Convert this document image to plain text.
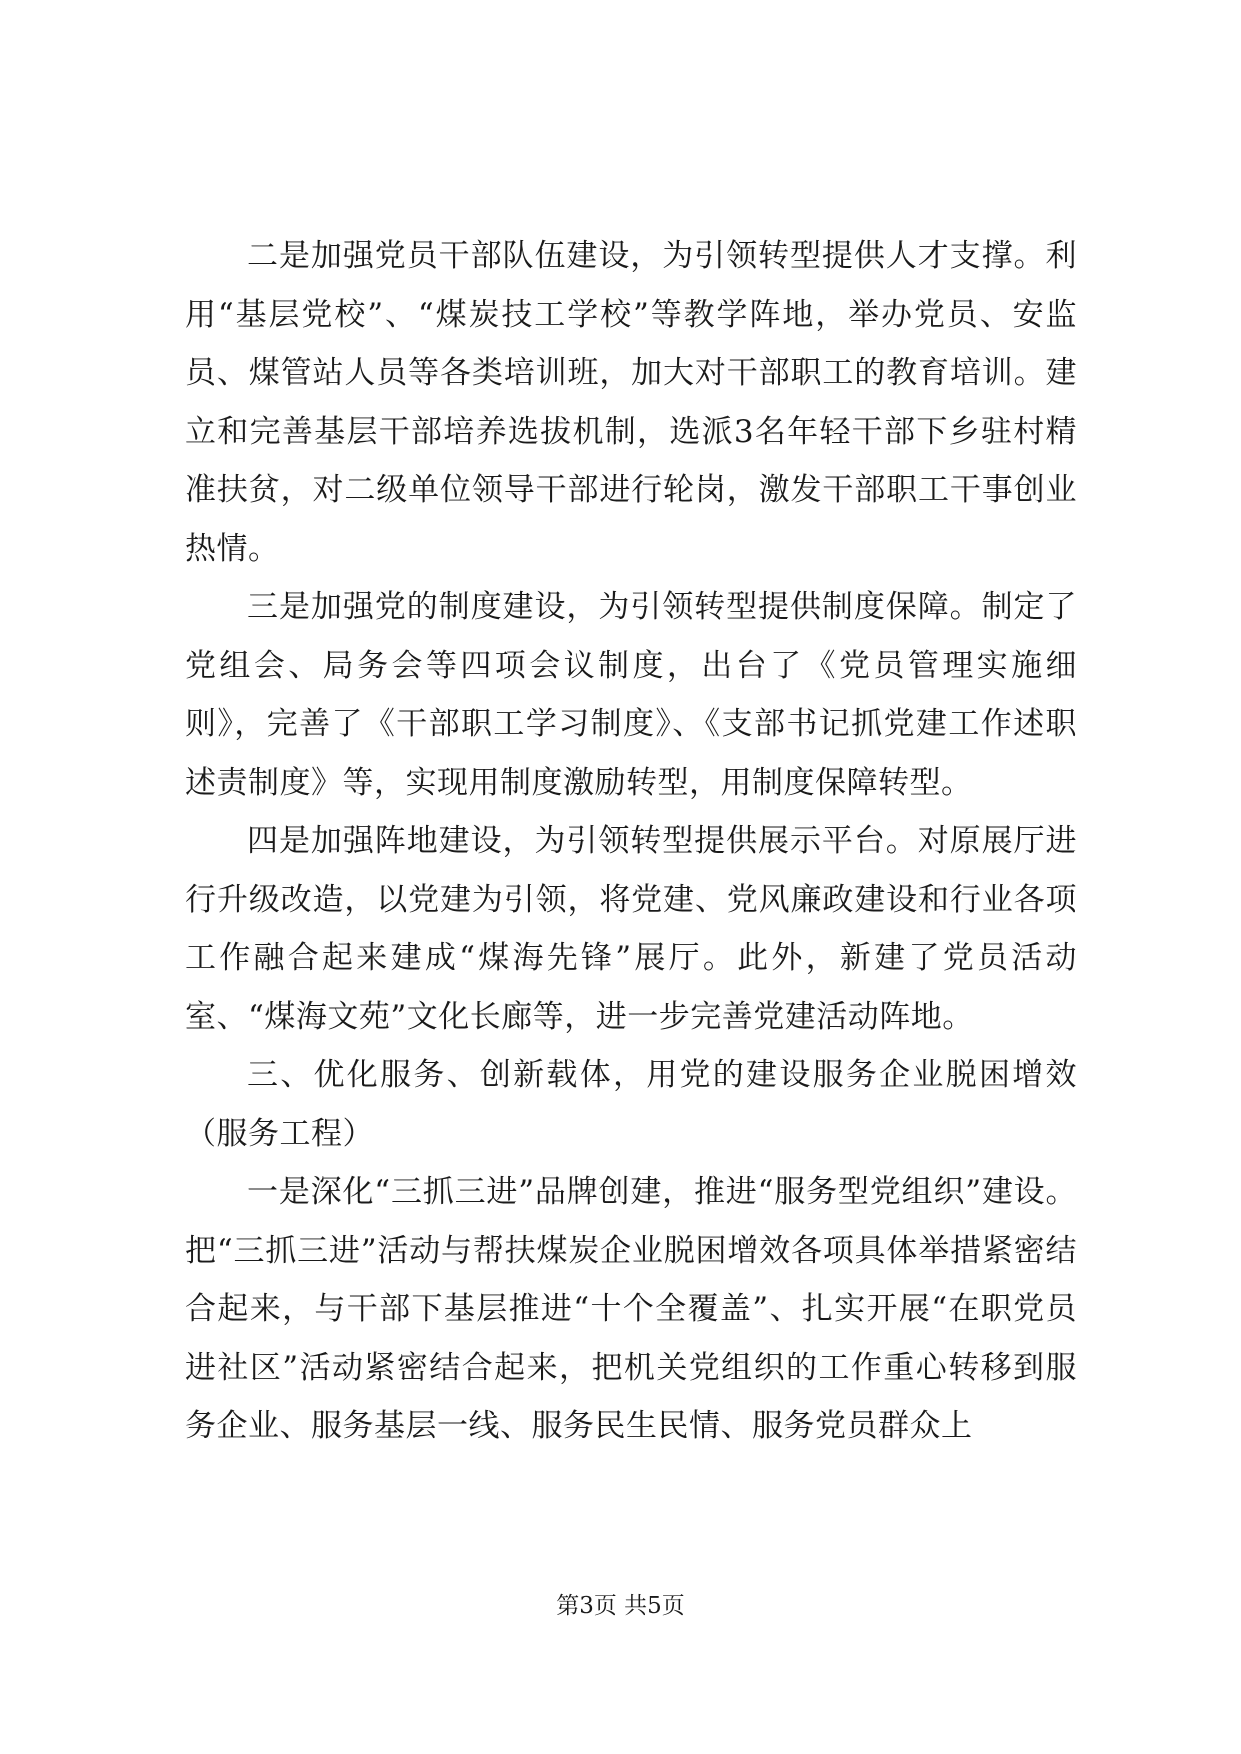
二是加强党员干部队伍建设，为引领转型提供人才支撑。利用“基层党校”、“煤炭技工学校”等教学阵地，举办党员、安监员、煤管站人员等各类培训班，加大对干部职工的教育培训。建立和完善基层干部培养选拔机制，选派3名年轻干部下乡驻村精准扶贫，对二级单位领导干部进行轮岗，激发干部职工干事创业热情。

三是加强党的制度建设，为引领转型提供制度保障。制定了党组会、局务会等四项会议制度，出台了《党员管理实施细则》，完善了《干部职工学习制度》、《支部书记抓党建工作述职述责制度》等，实现用制度激励转型，用制度保障转型。

四是加强阵地建设，为引领转型提供展示平台。对原展厅进行升级改造，以党建为引领，将党建、党风廉政建设和行业各项工作融合起来建成“煤海先锋”展厅。此外，新建了党员活动室、“煤海文苑”文化长廊等，进一步完善党建活动阵地。

三、优化服务、创新载体，用党的建设服务企业脱困增效（服务工程）

一是深化“三抓三进”品牌创建，推进“服务型党组织”建设。把“三抓三进”活动与帮扶煤炭企业脱困增效各项具体举措紧密结合起来，与干部下基层推进“十个全覆盖”、扎实开展“在职党员进社区”活动紧密结合起来，把机关党组织的工作重心转移到服务企业、服务基层一线、服务民生民情、服务党员群众上

第3页 共5页
